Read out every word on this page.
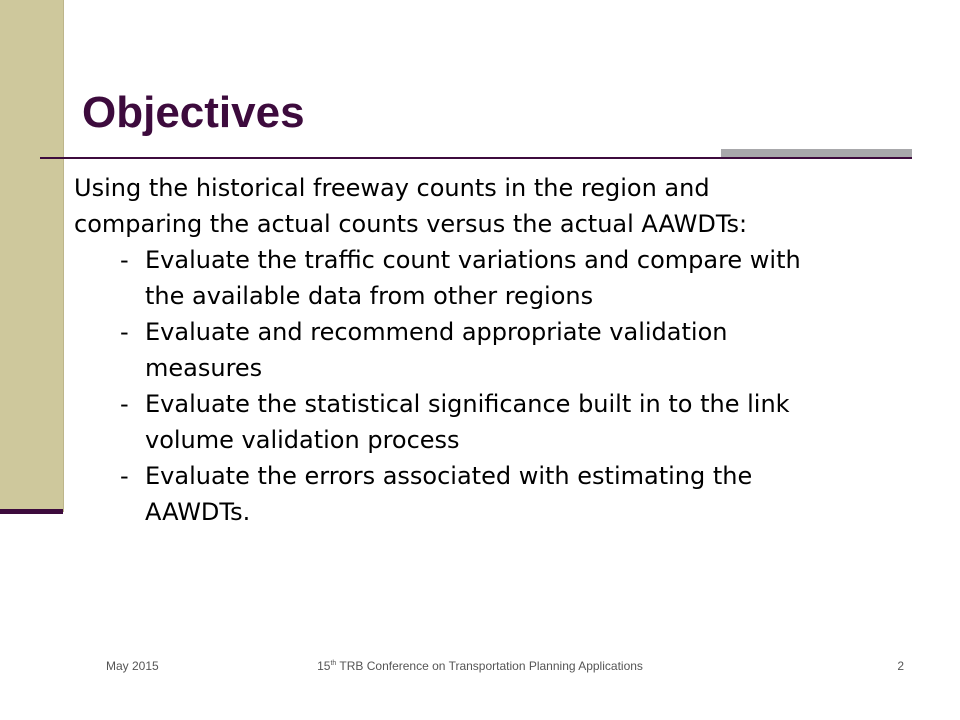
Objectives

Using the historical freeway counts in the region and

comparing the actual counts versus the actual AAWDTs:

- Evaluate the traffic count variations and compare with

the available data from other regions

- Evaluate and recommend appropriate validation

measures

- Evaluate the statistical significance built in to the link

volume validation process

- Evaluate the errors associated with estimating the

AAWDTs.

May 2015	15th TRB Conference on Transportation Planning Applications	2
